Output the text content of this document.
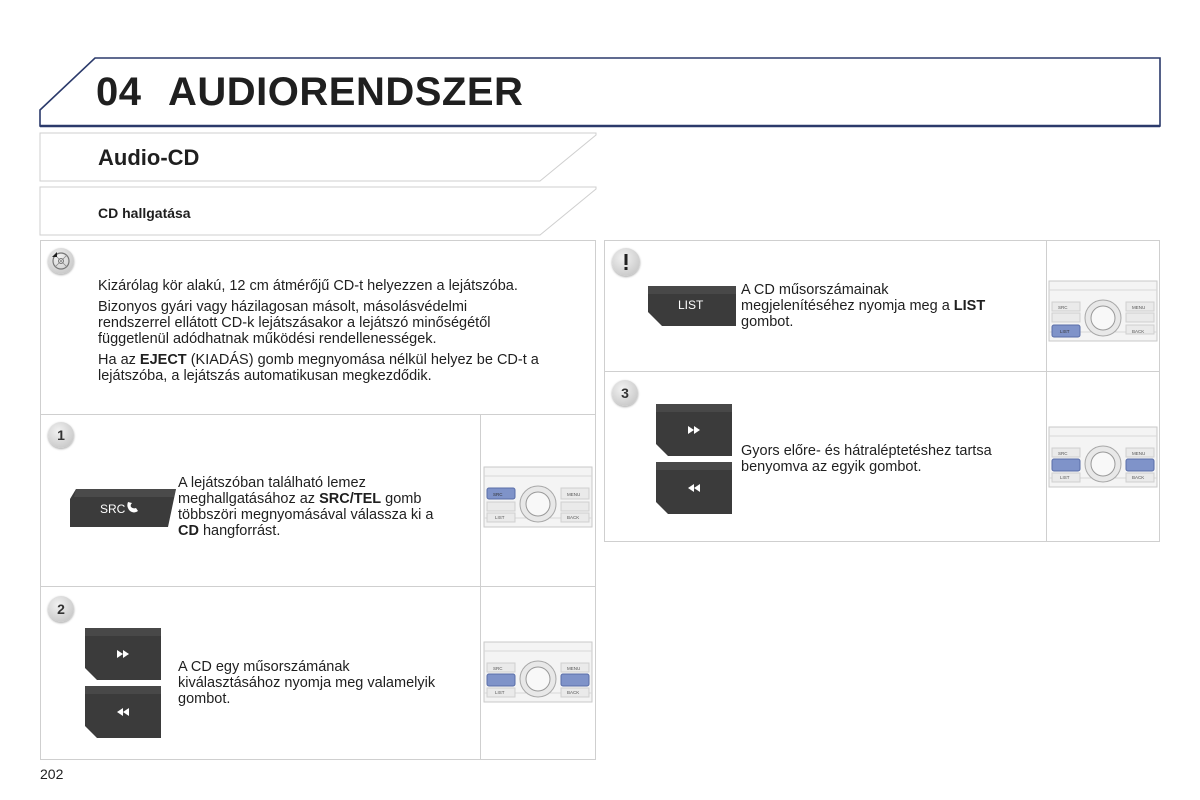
04 AUDIORENDSZER
Audio-CD
CD hallgatása

Kizárólag kör alakú, 12 cm átmérőjű CD-t helyezzen a lejátszóba.

Bizonyos gyári vagy házilagosan másolt, másolásvédelmi
rendszerrel ellátott CD-k lejátszásakor a lejátszó minőségétől
függetlenül adódhatnak működési rendellenességek.

Ha az EJECT (KIADÁS) gomb megnyomása nélkül helyez be CD-t a
lejátszóba, a lejátszás automatikusan megkezdődik.

1
SRC
A lejátszóban található lemez
meghallgatásához az SRC/TEL gomb
többszöri megnyomásával válassza ki a
CD hangforrást.
SRC	MENU
LIST	BACK
2
A CD egy műsorszámának
kiválasztásához nyomja meg valamelyik
gombot.
SRC	MENU
LIST	BACK
LIST
A CD műsorszámainak
megjelenítéséhez nyomja meg a LIST
gombot.
SRC	MENU
LIST	BACK
3
Gyors előre- és hátraléptetéshez tartsa
benyomva az egyik gombot.
SRC	MENU
LIST	BACK
202
